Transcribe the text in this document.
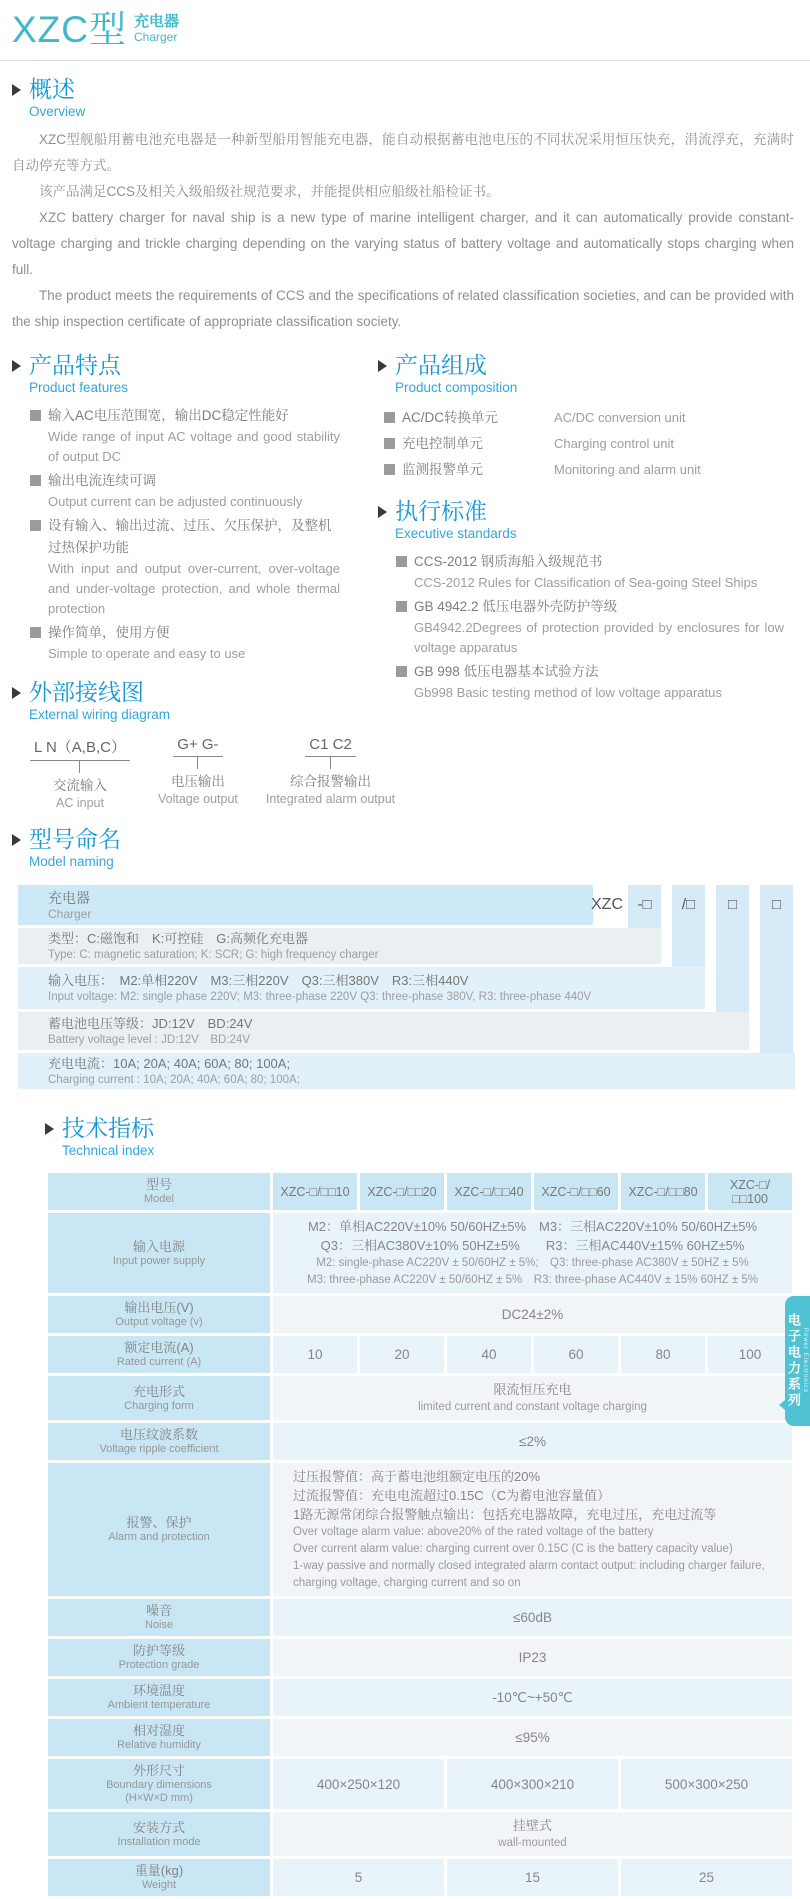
XZC型 充电器
Charger
概述
Overview

XZC型舰船用蓄电池充电器是一种新型船用智能充电器，能自动根据蓄电池电压的不同状况采用恒压快充，涓流浮充，充满时自动停充等方式。

该产品满足CCS及相关入级船级社规范要求，并能提供相应船级社船检证书。

XZC battery charger for naval ship is a new type of marine intelligent charger, and it can automatically provide constant-voltage charging and trickle charging depending on the varying status of battery voltage and automatically stops charging when full.

The product meets the requirements of CCS and the specifications of related classification societies, and can be provided with the ship inspection certificate of appropriate classification society.

产品特点
Product features
输入AC电压范围宽，输出DC稳定性能好
Wide range of input AC voltage and good stability of output DC
输出电流连续可调
Output current can be adjusted continuously
设有输入、输出过流、过压、欠压保护，及整机过热保护功能
With input and output over-current, over-voltage and under-voltage protection, and whole thermal protection
操作简单，使用方便
Simple to operate and easy to use
外部接线图
External wiring diagram
L N（A,B,C）
交流输入
AC input
G+ G-
电压输出
Voltage output
C1 C2
综合报警输出
Integrated alarm output
产品组成
Product composition
AC/DC转换单元	AC/DC conversion unit
充电控制单元	Charging control unit
监测报警单元	Monitoring and alarm unit
执行标准
Executive standards
CCS-2012 钢质海船入级规范书
CCS-2012 Rules for Classification of Sea-going Steel Ships
GB 4942.2 低压电器外壳防护等级
GB4942.2Degrees of protection provided by enclosures for low voltage apparatus
GB 998 低压电器基本试验方法
Gb998 Basic testing method of low voltage apparatus
型号命名
Model naming
充电器
Charger
XZC -□	/□	□	□
类型：C:磁饱和　K:可控硅　G:高频化充电器
Type: C: magnetic saturation; K: SCR; G: high frequency charger
输入电压：　M2:单相220V　M3:三相220V　Q3:三相380V　R3:三相440V
Input voltage: M2: single phase 220V; M3: three-phase 220V Q3: three-phase 380V, R3: three-phase 440V
蓄电池电压等级：JD:12V　BD:24V
Battery voltage level : JD:12V　BD:24V
充电电流：10A; 20A; 40A; 60A; 80; 100A;
Charging current : 10A; 20A; 40A; 60A; 80; 100A;
技术指标
Technical index
型号
Model	XZC-□/□□10	XZC-□/□□20	XZC-□/□□40	XZC-□/□□60	XZC-□/□□80	XZC-□/□□100

输入电源
Input power supply

M2：单相AC220V±10% 50/60HZ±5%　M3：三相AC220V±10% 50/60HZ±5%
Q3：三相AC380V±10% 50HZ±5%　　R3：三相AC440V±15% 60HZ±5%
M2: single-phase AC220V ± 50/60HZ ± 5%;　Q3: three-phase AC380V ± 50HZ ± 5%
M3: three-phase AC220V ± 50/60HZ ± 5%　R3: three-phase AC440V ± 15% 60HZ ± 5%

输出电压(V)
Output voltage (v)	DC24±2%					

额定电流(A)
Rated current (A)	10	20	40	60	80	100

充电形式
Charging form

限流恒压充电
limited current and constant voltage charging

电压纹波系数
Voltage ripple coefficient	≤2%					

报警、保护
Alarm and protection

过压报警值：高于蓄电池组额定电压的20%
过流报警值：充电电流超过0.15C（C为蓄电池容量值）
1路无源常闭综合报警触点输出：包括充电器故障，充电过压，充电过流等
Over voltage alarm value: above20% of the rated voltage of the battery
Over current alarm value: charging current over 0.15C (C is the battery capacity value)
1-way passive and normally closed integrated alarm contact output: including charger failure, charging voltage, charging current and so on

噪音
Noise	≤60dB					

防护等级
Protection grade	IP23					

环境温度
Ambient temperature	-10℃~+50℃					

相对湿度
Relative humidity	≤95%					

外形尺寸
Boundary dimensions
(H×W×D mm)	400×250×120		400×300×210		500×300×250	

安装方式
Installation mode

挂壁式
wall-mounted

重量(kg)
Weight	5		15		25	
电子电力系列 Power Electronics
